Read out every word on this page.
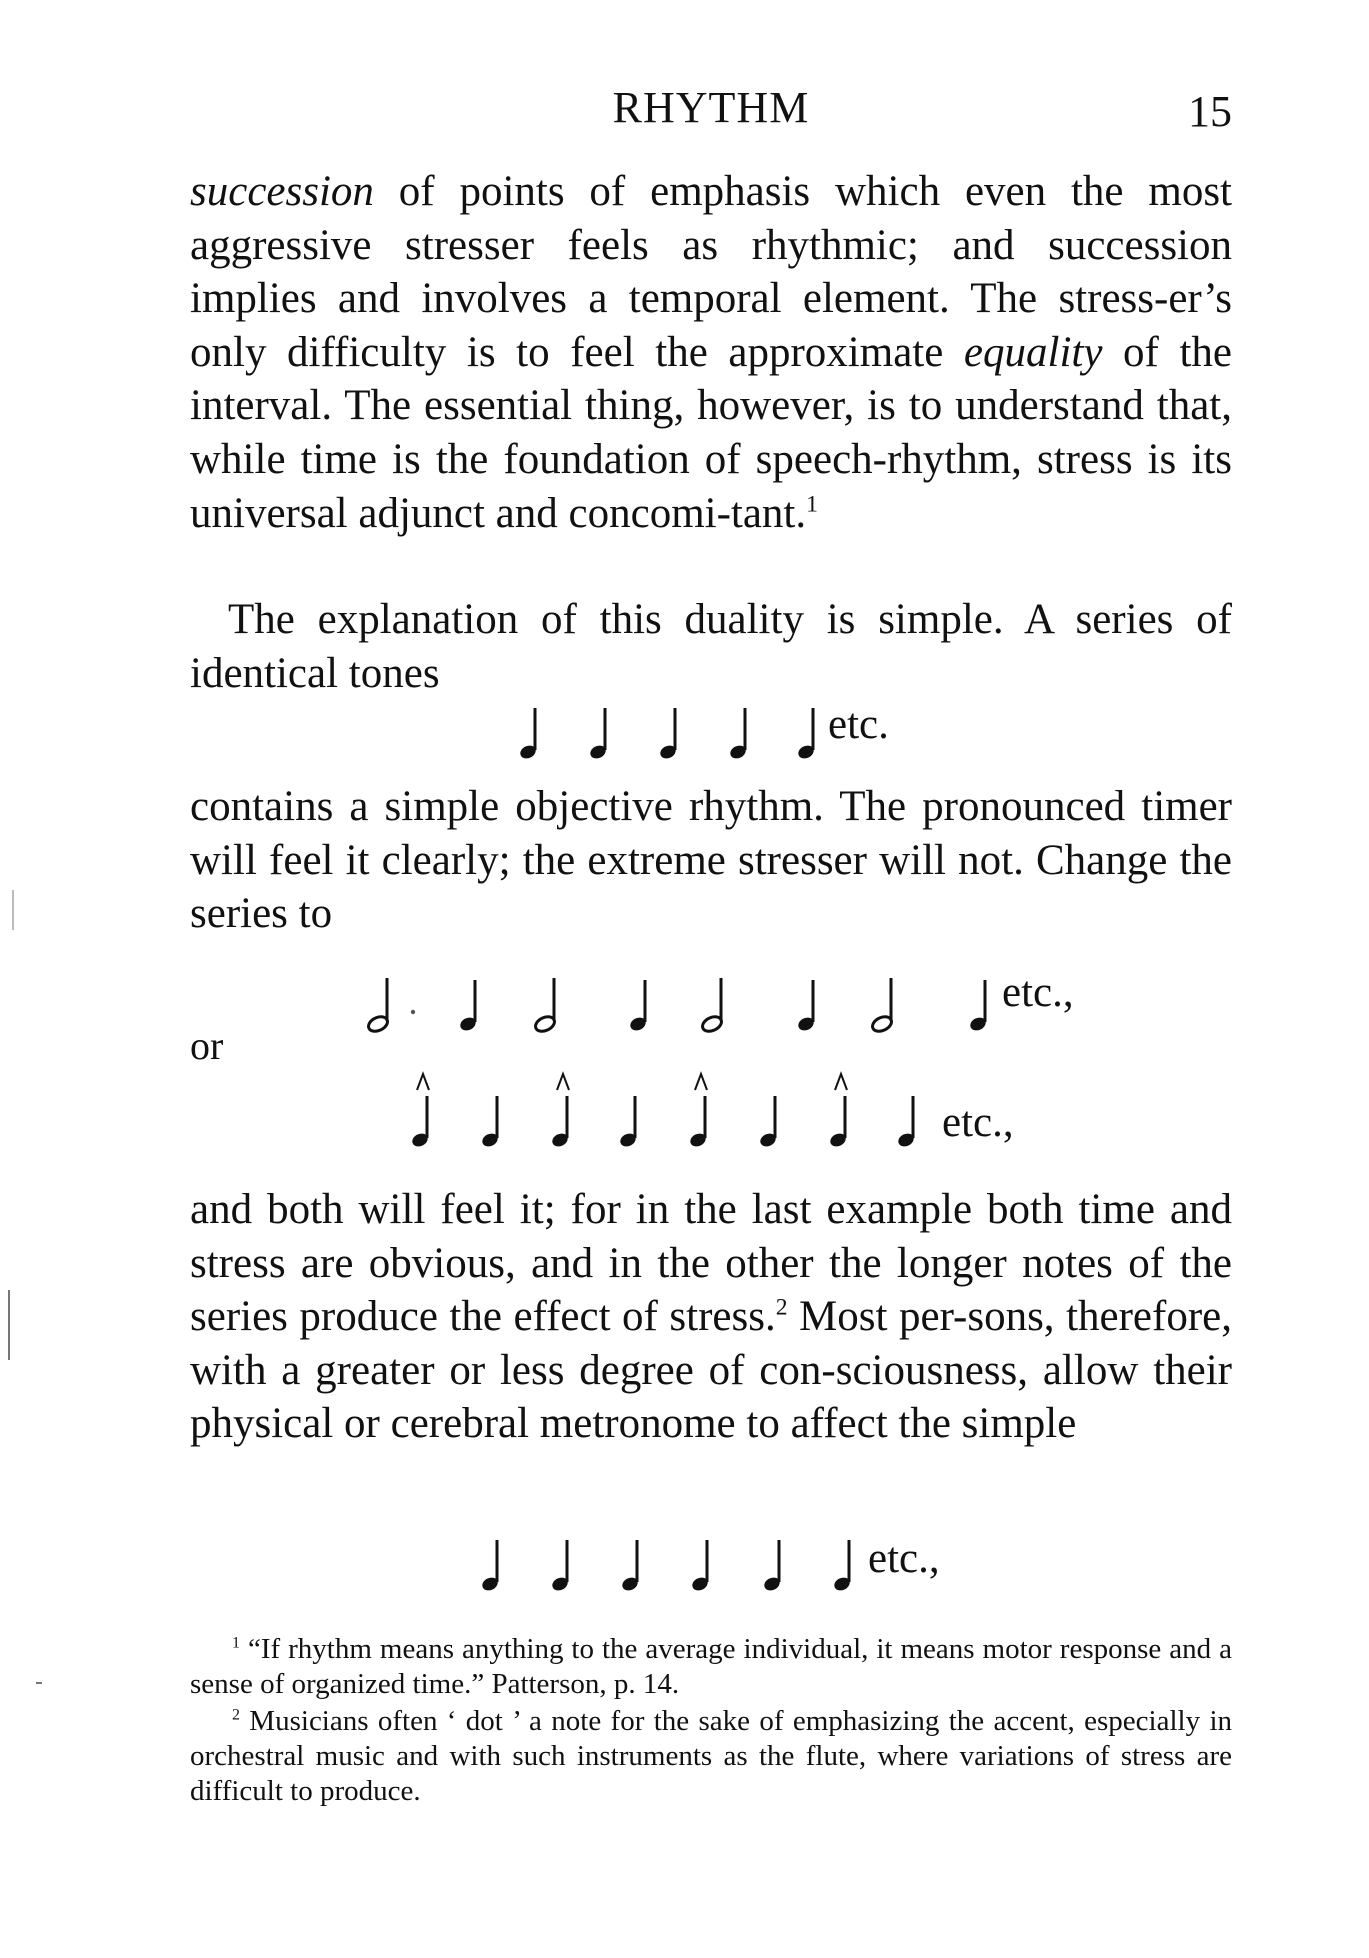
RHYTHM	15

succession of points of emphasis which even the most aggressive stresser feels as rhythmic; and succession implies and involves a temporal element. The stress-er’s only difficulty is to feel the approximate equality of the interval. The essential thing, however, is to understand that, while time is the foundation of speech-rhythm, stress is its universal adjunct and concomi-tant.$^1$

The explanation of this duality is simple. A series of identical tones

contains a simple objective rhythm. The pronounced timer will feel it clearly; the extreme stresser will not. Change the series to

and both will feel it; for in the last example both time and stress are obvious, and in the other the longer notes of the series produce the effect of stress.$^2$ Most per-sons, therefore, with a greater or less degree of con-sciousness, allow their physical or cerebral metronome to affect the simple

etc.
etc.,
or
etc.,
etc.,

$^1$ “If rhythm means anything to the average individual, it means motor response and a sense of organized time.” Patterson, p. 14.

$^2$ Musicians often ‘ dot ’ a note for the sake of emphasizing the accent, especially in orchestral music and with such instruments as the flute, where variations of stress are difficult to produce.
